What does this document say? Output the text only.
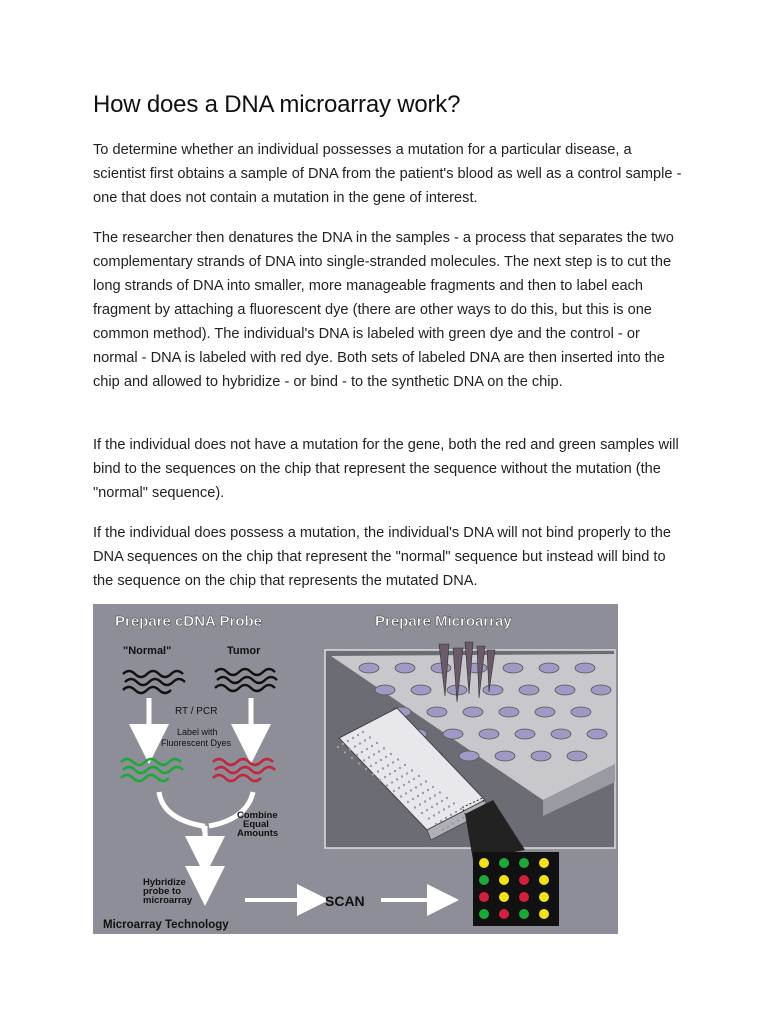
How does a DNA microarray work?

To determine whether an individual possesses a mutation for a particular disease, a scientist first obtains a sample of DNA from the patient's blood as well as a control sample - one that does not contain a mutation in the gene of interest.

The researcher then denatures the DNA in the samples - a process that separates the two complementary strands of DNA into single-stranded molecules. The next step is to cut the long strands of DNA into smaller, more manageable fragments and then to label each fragment by attaching a fluorescent dye (there are other ways to do this, but this is one common method). The individual's DNA is labeled with green dye and the control - or normal - DNA is labeled with red dye. Both sets of labeled DNA are then inserted into the chip and allowed to hybridize - or bind - to the synthetic DNA on the chip.

If the individual does not have a mutation for the gene, both the red and green samples will bind to the sequences on the chip that represent the sequence without the mutation (the "normal" sequence).

If the individual does possess a mutation, the individual's DNA will not bind properly to the DNA sequences on the chip that represent the "normal" sequence but instead will bind to the sequence on the chip that represents the mutated DNA.

Prepare cDNA Probe	Prepare Microarray
"Normal"	Tumor
RT / PCR
Label with
Fluorescent Dyes
Combine
Equal
Amounts
Hybridize
probe to
microarray	SCAN
Microarray Technology
